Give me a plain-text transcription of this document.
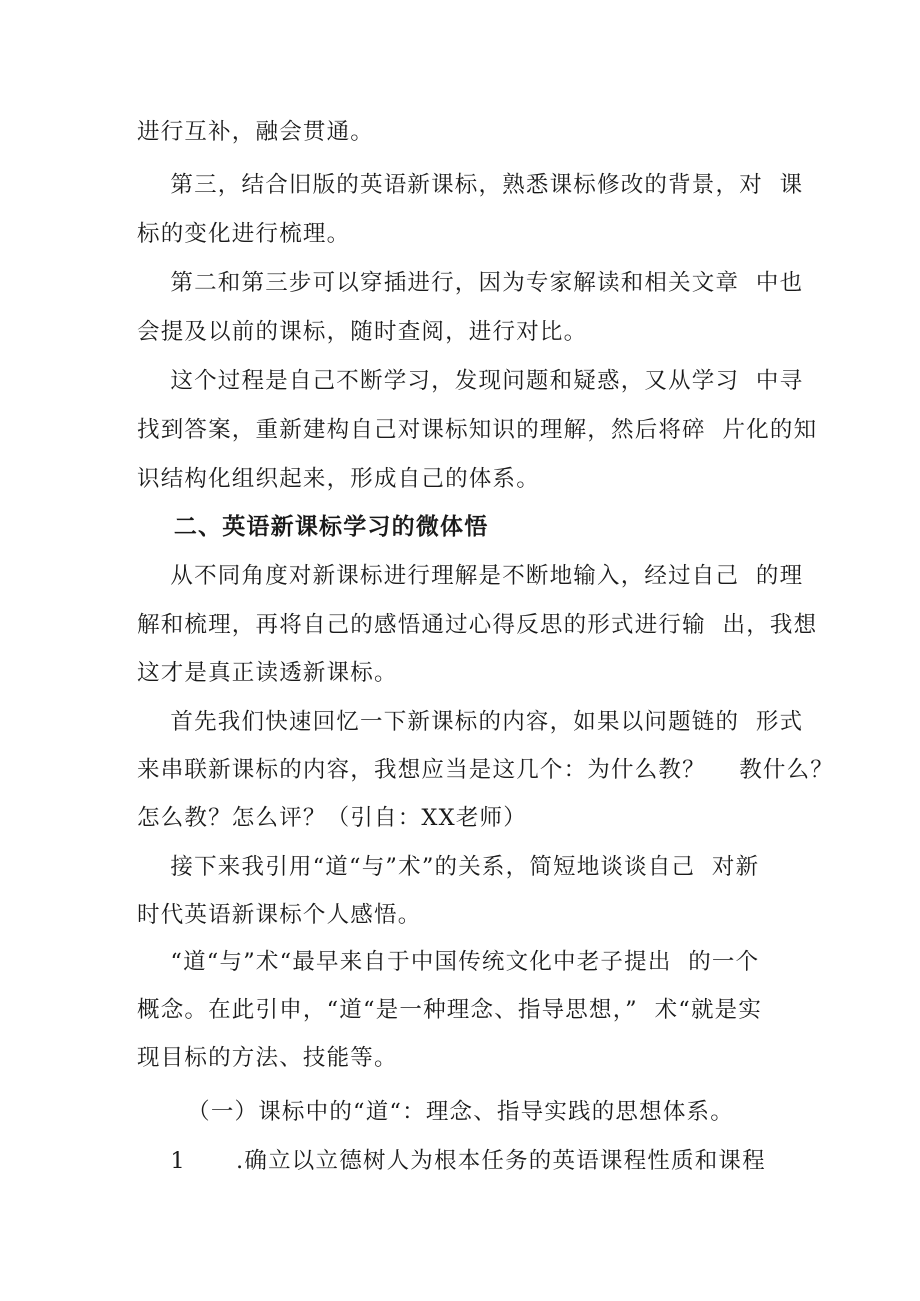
进行互补，融会贯通。
第三，结合旧版的英语新课标，熟悉课标修改的背景，对  课
标的变化进行梳理。
第二和第三步可以穿插进行，因为专家解读和相关文章  中也
会提及以前的课标，随时查阅，进行对比。
这个过程是自己不断学习，发现问题和疑惑，又从学习  中寻
找到答案，重新建构自己对课标知识的理解，然后将碎  片化的知
识结构化组织起来，形成自己的体系。
二、英语新课标学习的微体悟
从不同角度对新课标进行理解是不断地输入，经过自己  的理
解和梳理，再将自己的感悟通过心得反思的形式进行输  出，我想
这才是真正读透新课标。
首先我们快速回忆一下新课标的内容，如果以问题链的  形式
来串联新课标的内容，我想应当是这几个：为什么教？    教什么？
怎么教？怎么评？（引自：XX老师）
接下来我引用“道“与”术”的关系，简短地谈谈自己  对新
时代英语新课标个人感悟。
“道“与”术“最早来自于中国传统文化中老子提出  的一个
概念。在此引申，“道“是一种理念、指导思想，”  术“就是实
现目标的方法、技能等。
（一）课标中的“道“：理念、指导实践的思想体系。
1      .确立以立德树人为根本任务的英语课程性质和课程
